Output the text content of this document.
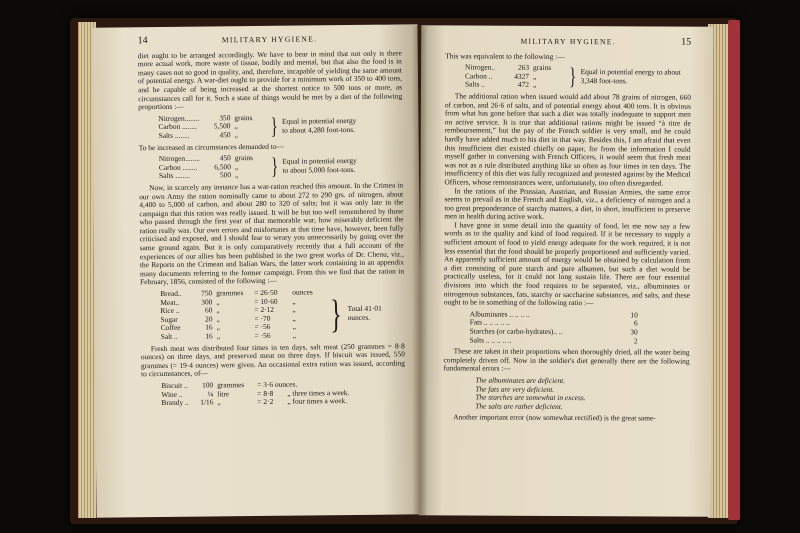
14	MILITARY HYGIENE.

diet ought to be arranged accordingly. We have to bear in mind that not only is there more actual work, more waste of tissue, bodily and mental, but that also the food is in many cases not so good in quality, and, therefore, incapable of yielding the same amount of potential energy. A war-diet ought to provide for a minimum work of 350 to 400 tons, and be capable of being increased at the shortest notice to 500 tons or more, as circumstances call for it. Such a state of things would be met by a diet of the following proportions :—

Nitrogen........	350 grains
Carbon ........	5,500 „
Salts ........	450 „	} Equal in potential energy to about 4,280 foot-tons.

To be increased as circumstances demanded to—

Nitrogen........	450 grains
Carbon ........	6,500 „
Salts ........	500 „	} Equal in potential energy to about 5,000 foot-tons.

Now, in scarcely any instance has a war-ration reached this amount. In the Crimea in our own Army the ration nominally came to about 272 to 290 grs. of nitrogen, about 4,400 to 5,000 of carbon, and about 280 to 320 of salts; but it was only late in the campaign that this ration was really issued. It will be but too well remembered by those who passed through the first year of that memorable war, how miserably deficient the ration really was. Our own errors and misfortunes at that time have, however, been fully criticised and exposed, and I should fear to weary you unnecessarily by going over the same ground again. But it is only comparatively recently that a full account of the experiences of our allies has been published in the two great works of Dr. Chenu, viz., the Reports on the Crimean and Italian Wars, the latter work containing in an appendix many documents referring to the former campaign. From this we find that the ration in February, 1856, consisted of the following :—

Bread..	750 grammes	= 26·50	ounces
Meat..	300 „	= 10·60	„
Rice ..	60 „	= 2·12	„
Sugar	20 „	= ·70	„
Coffee	16 „	= ·56	„
Salt ..	16 „	= ·56	„ } Total 41·01 ounces.

Fresh meat was distributed four times in ten days, salt meat (250 grammes = 8·8 ounces) on three days, and preserved meat on three days. If biscuit was issued, 550 grammes (= 19·4 ounces) were given. An occasional extra ration was issued, according to circumstances, of—

Biscuit ..	100 grammes	= 3·6 ounces.
Wine ..	¼ litre	= 8·8	„ three times a week.
Brandy ..	1/16 „	= 2·2	„ four times a week.
MILITARY HYGIENE.	15

This was equivalent to the following :—

Nitrogen..	263 grains
Carbon ..	4327 „
Salts ..	472 „	} Equal in potential energy to about 3,348 foot-tons.

The additional ration when issued would add about 78 grains of nitrogen, 660 of carbon, and 26·6 of salts, and of potential energy about 400 tons. It is obvious from what has gone before that such a diet was totally inadequate to support men on active service. It is true that additional rations might be issued “à titre de remboursement,” but the pay of the French soldier is very small, and he could hardly have added much to his diet in that way. Besides this, I am afraid that even this insufficient diet existed chiefly on paper, for from the information I could myself gather in conversing with French Officers, it would seem that fresh meat was not as a rule distributed anything like so often as four times in ten days. The insufficiency of this diet was fully recognized and protested against by the Medical Officers, whose remonstrances were, unfortunately, too often disregarded.

In the rations of the Prussian, Austrian, and Russian Armies, the same error seems to prevail as in the French and English, viz., a deficiency of nitrogen and a too great preponderance of starchy matters, a diet, in short, insufficient to preserve men in health during active work.

I have gone in some detail into the quantity of food, let me now say a few words as to the quality and kind of food required. If it be necessary to supply a sufficient amount of food to yield energy adequate for the work required, it is not less essential that the food should be properly proportioned and sufficiently varied. An apparently sufficient amount of energy would be obtained by calculation from a diet consisting of pure starch and pure albumen, but such a diet would be practically useless, for it could not long sustain life. There are four essential divisions into which the food requires to be separated, viz., albuminates or nitrogenous substances, fats, starchy or saccharine substances, and salts, and these ought to be in something of the following ratio :—

Albuminates .. .. .. ..	10
Fats .. .. .. .. ..	6
Starches (or carbo-hydrates).. ..	30
Salts .. .. .. .. ..	2

These are taken in their proportions when thoroughly dried, all the water being completely driven off. Now in the soldier's diet generally there are the following fundamental errors :—

The albuminates are deficient.
The fats are very deficient.
The starches are somewhat in excess.
The salts are rather deficient.

Another important error (now somewhat rectified) is the great same-
